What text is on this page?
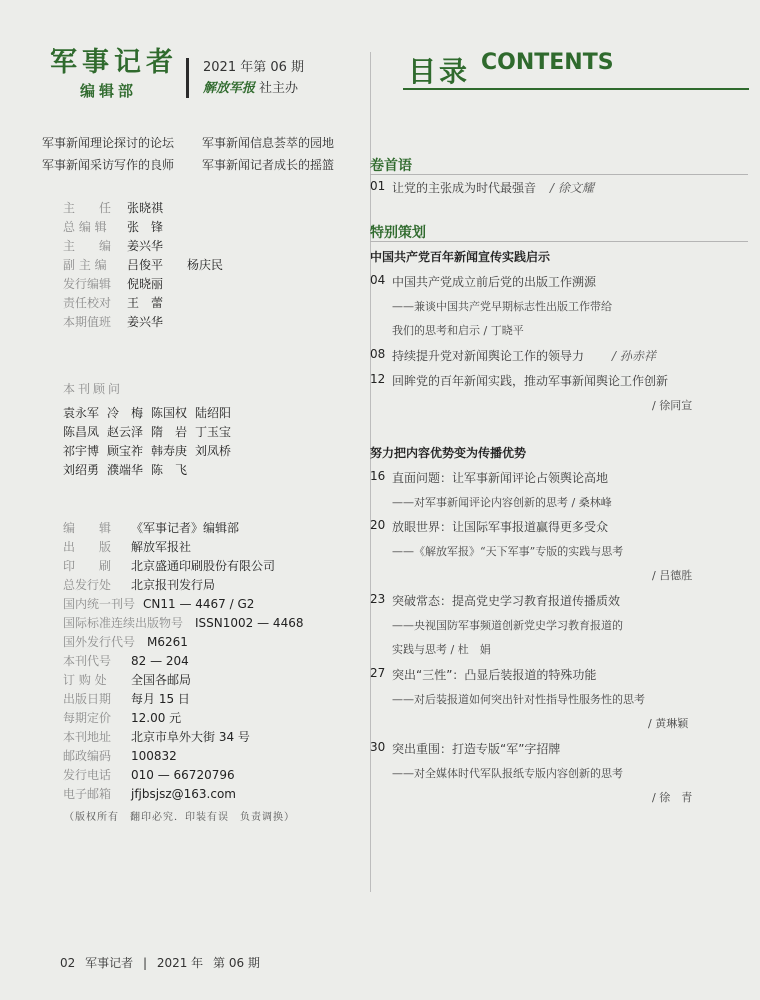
军事记者
编辑部
2021 年第 06 期
解放军报 社主办
军事新闻理论探讨的论坛 军事新闻信息荟萃的园地
军事新闻采访写作的良师 军事新闻记者成长的摇篮
主　　任 张晓祺
总 编 辑 张　锋
主　　编 姜兴华
副 主 编 吕俊平　　杨庆民
发行编辑 倪晓丽
责任校对 王　蕾
本期值班 姜兴华
本刊顾问
袁永军 冷　梅 陈国权 陆绍阳
陈昌凤 赵云泽 隋　岩 丁玉宝
祁宇博 顾宝祚 韩寿庚 刘凤桥
刘绍勇 濮端华 陈　飞
编　　辑 《军事记者》编辑部
出　　版 解放军报社
印　　刷 北京盛通印刷股份有限公司
总发行处 北京报刊发行局
国内统一刊号 CN11 — 4467 / G2
国际标准连续出版物号 ISSN1002 — 4468
国外发行代号 M6261
本刊代号 82 — 204
订 购 处 全国各邮局
出版日期 每月 15 日
每期定价 12.00 元
本刊地址 北京市阜外大街 34 号
邮政编码 100832
发行电话 010 — 66720796
电子邮箱 jfjbsjsz@163.com
（版权所有　翻印必究．印装有误　负责调换）
目录 CONTENTS
卷首语
01 让党的主张成为时代最强音 / 徐文耀
特别策划
中国共产党百年新闻宣传实践启示
04 中国共产党成立前后党的出版工作溯源
——兼谈中国共产党早期标志性出版工作带给
我们的思考和启示 / 丁晓平
08 持续提升党对新闻舆论工作的领导力 / 孙赤祥
12 回眸党的百年新闻实践，推动军事新闻舆论工作创新
/ 徐同宣
努力把内容优势变为传播优势
16 直面问题：让军事新闻评论占领舆论高地
——对军事新闻评论内容创新的思考 / 桑林峰
20 放眼世界：让国际军事报道赢得更多受众
——《解放军报》“天下军事”专版的实践与思考
/ 吕德胜
23 突破常态：提高党史学习教育报道传播质效
——央视国防军事频道创新党史学习教育报道的
实践与思考 / 杜　娟
27 突出“三性”：凸显后装报道的特殊功能
——对后装报道如何突出针对性指导性服务性的思考
/ 黄琳颖
30 突出重围：打造专版“军”字招牌
——对全媒体时代军队报纸专版内容创新的思考
/ 徐　青
02 军事记者 | 2021 年 第 06 期
